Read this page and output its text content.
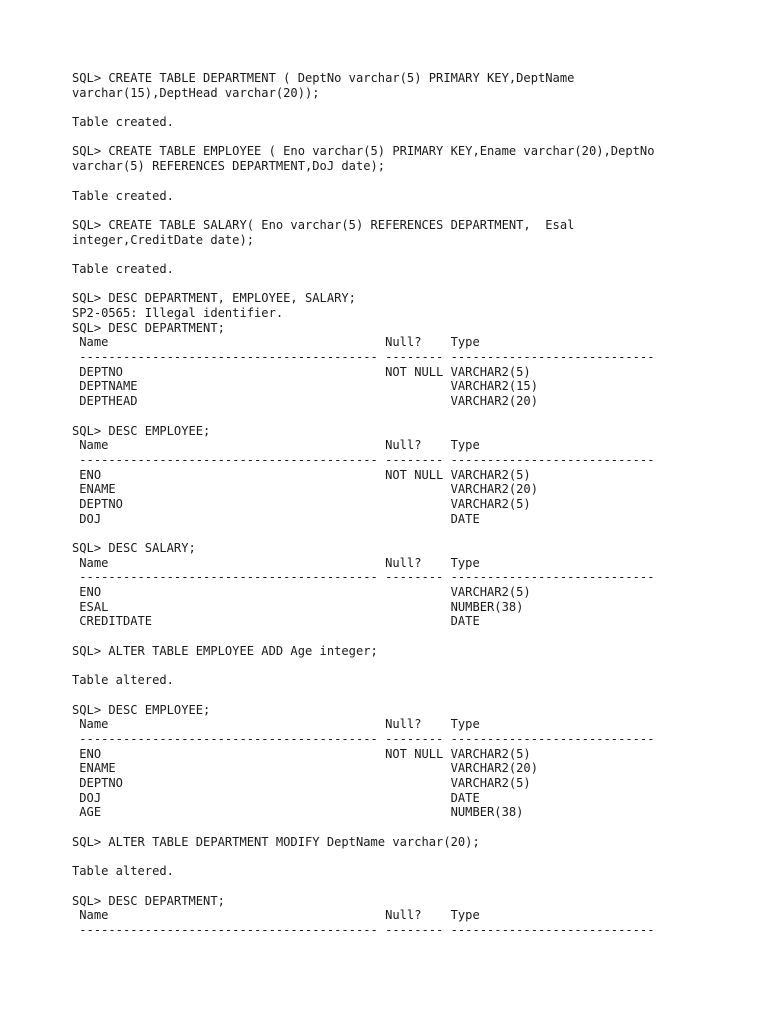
SQL> CREATE TABLE DEPARTMENT ( DeptNo varchar(5) PRIMARY KEY,DeptName
varchar(15),DeptHead varchar(20));
Table created.
SQL> CREATE TABLE EMPLOYEE ( Eno varchar(5) PRIMARY KEY,Ename varchar(20),DeptNo
varchar(5) REFERENCES DEPARTMENT,DoJ date);
Table created.
SQL> CREATE TABLE SALARY( Eno varchar(5) REFERENCES DEPARTMENT,  Esal
integer,CreditDate date);
Table created.
SQL> DESC DEPARTMENT, EMPLOYEE, SALARY;
SP2-0565: Illegal identifier.
SQL> DESC DEPARTMENT;
Name                                      Null?    Type
----------------------------------------- -------- ----------------------------
DEPTNO                                    NOT NULL VARCHAR2(5)
DEPTNAME                                           VARCHAR2(15)
DEPTHEAD                                           VARCHAR2(20)
SQL> DESC EMPLOYEE;
Name                                      Null?    Type
----------------------------------------- -------- ----------------------------
ENO                                       NOT NULL VARCHAR2(5)
ENAME                                              VARCHAR2(20)
DEPTNO                                             VARCHAR2(5)
DOJ                                                DATE
SQL> DESC SALARY;
Name                                      Null?    Type
----------------------------------------- -------- ----------------------------
ENO                                                VARCHAR2(5)
ESAL                                               NUMBER(38)
CREDITDATE                                         DATE
SQL> ALTER TABLE EMPLOYEE ADD Age integer;
Table altered.
SQL> DESC EMPLOYEE;
Name                                      Null?    Type
----------------------------------------- -------- ----------------------------
ENO                                       NOT NULL VARCHAR2(5)
ENAME                                              VARCHAR2(20)
DEPTNO                                             VARCHAR2(5)
DOJ                                                DATE
AGE                                                NUMBER(38)
SQL> ALTER TABLE DEPARTMENT MODIFY DeptName varchar(20);
Table altered.
SQL> DESC DEPARTMENT;
Name                                      Null?    Type
----------------------------------------- -------- ----------------------------
